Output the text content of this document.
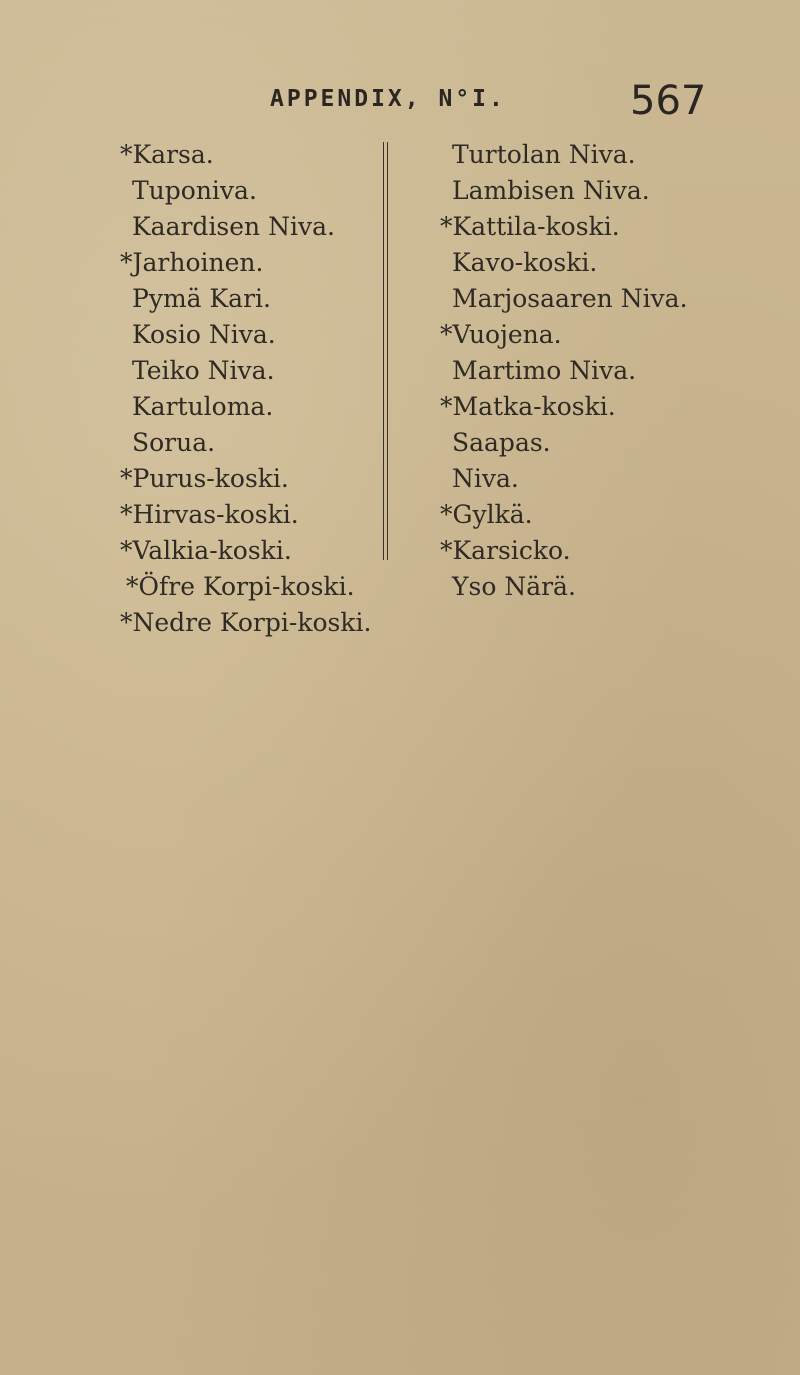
APPENDIX, N°I.	567
*Karsa.
Tuponiva.
Kaardisen Niva.
*Jarhoinen.
Pymä Kari.
Kosio Niva.
Teiko Niva.
Kartuloma.
Sorua.
*Purus-koski.
*Hirvas-koski.
*Valkia-koski.
*Öfre Korpi-koski.
*Nedre Korpi-koski.
Turtolan Niva.
Lambisen Niva.
*Kattila-koski.
Kavo-koski.
Marjosaaren Niva.
*Vuojena.
Martimo Niva.
*Matka-koski.
Saapas.
Niva.
*Gylkä.
*Karsicko.
Yso Närä.
